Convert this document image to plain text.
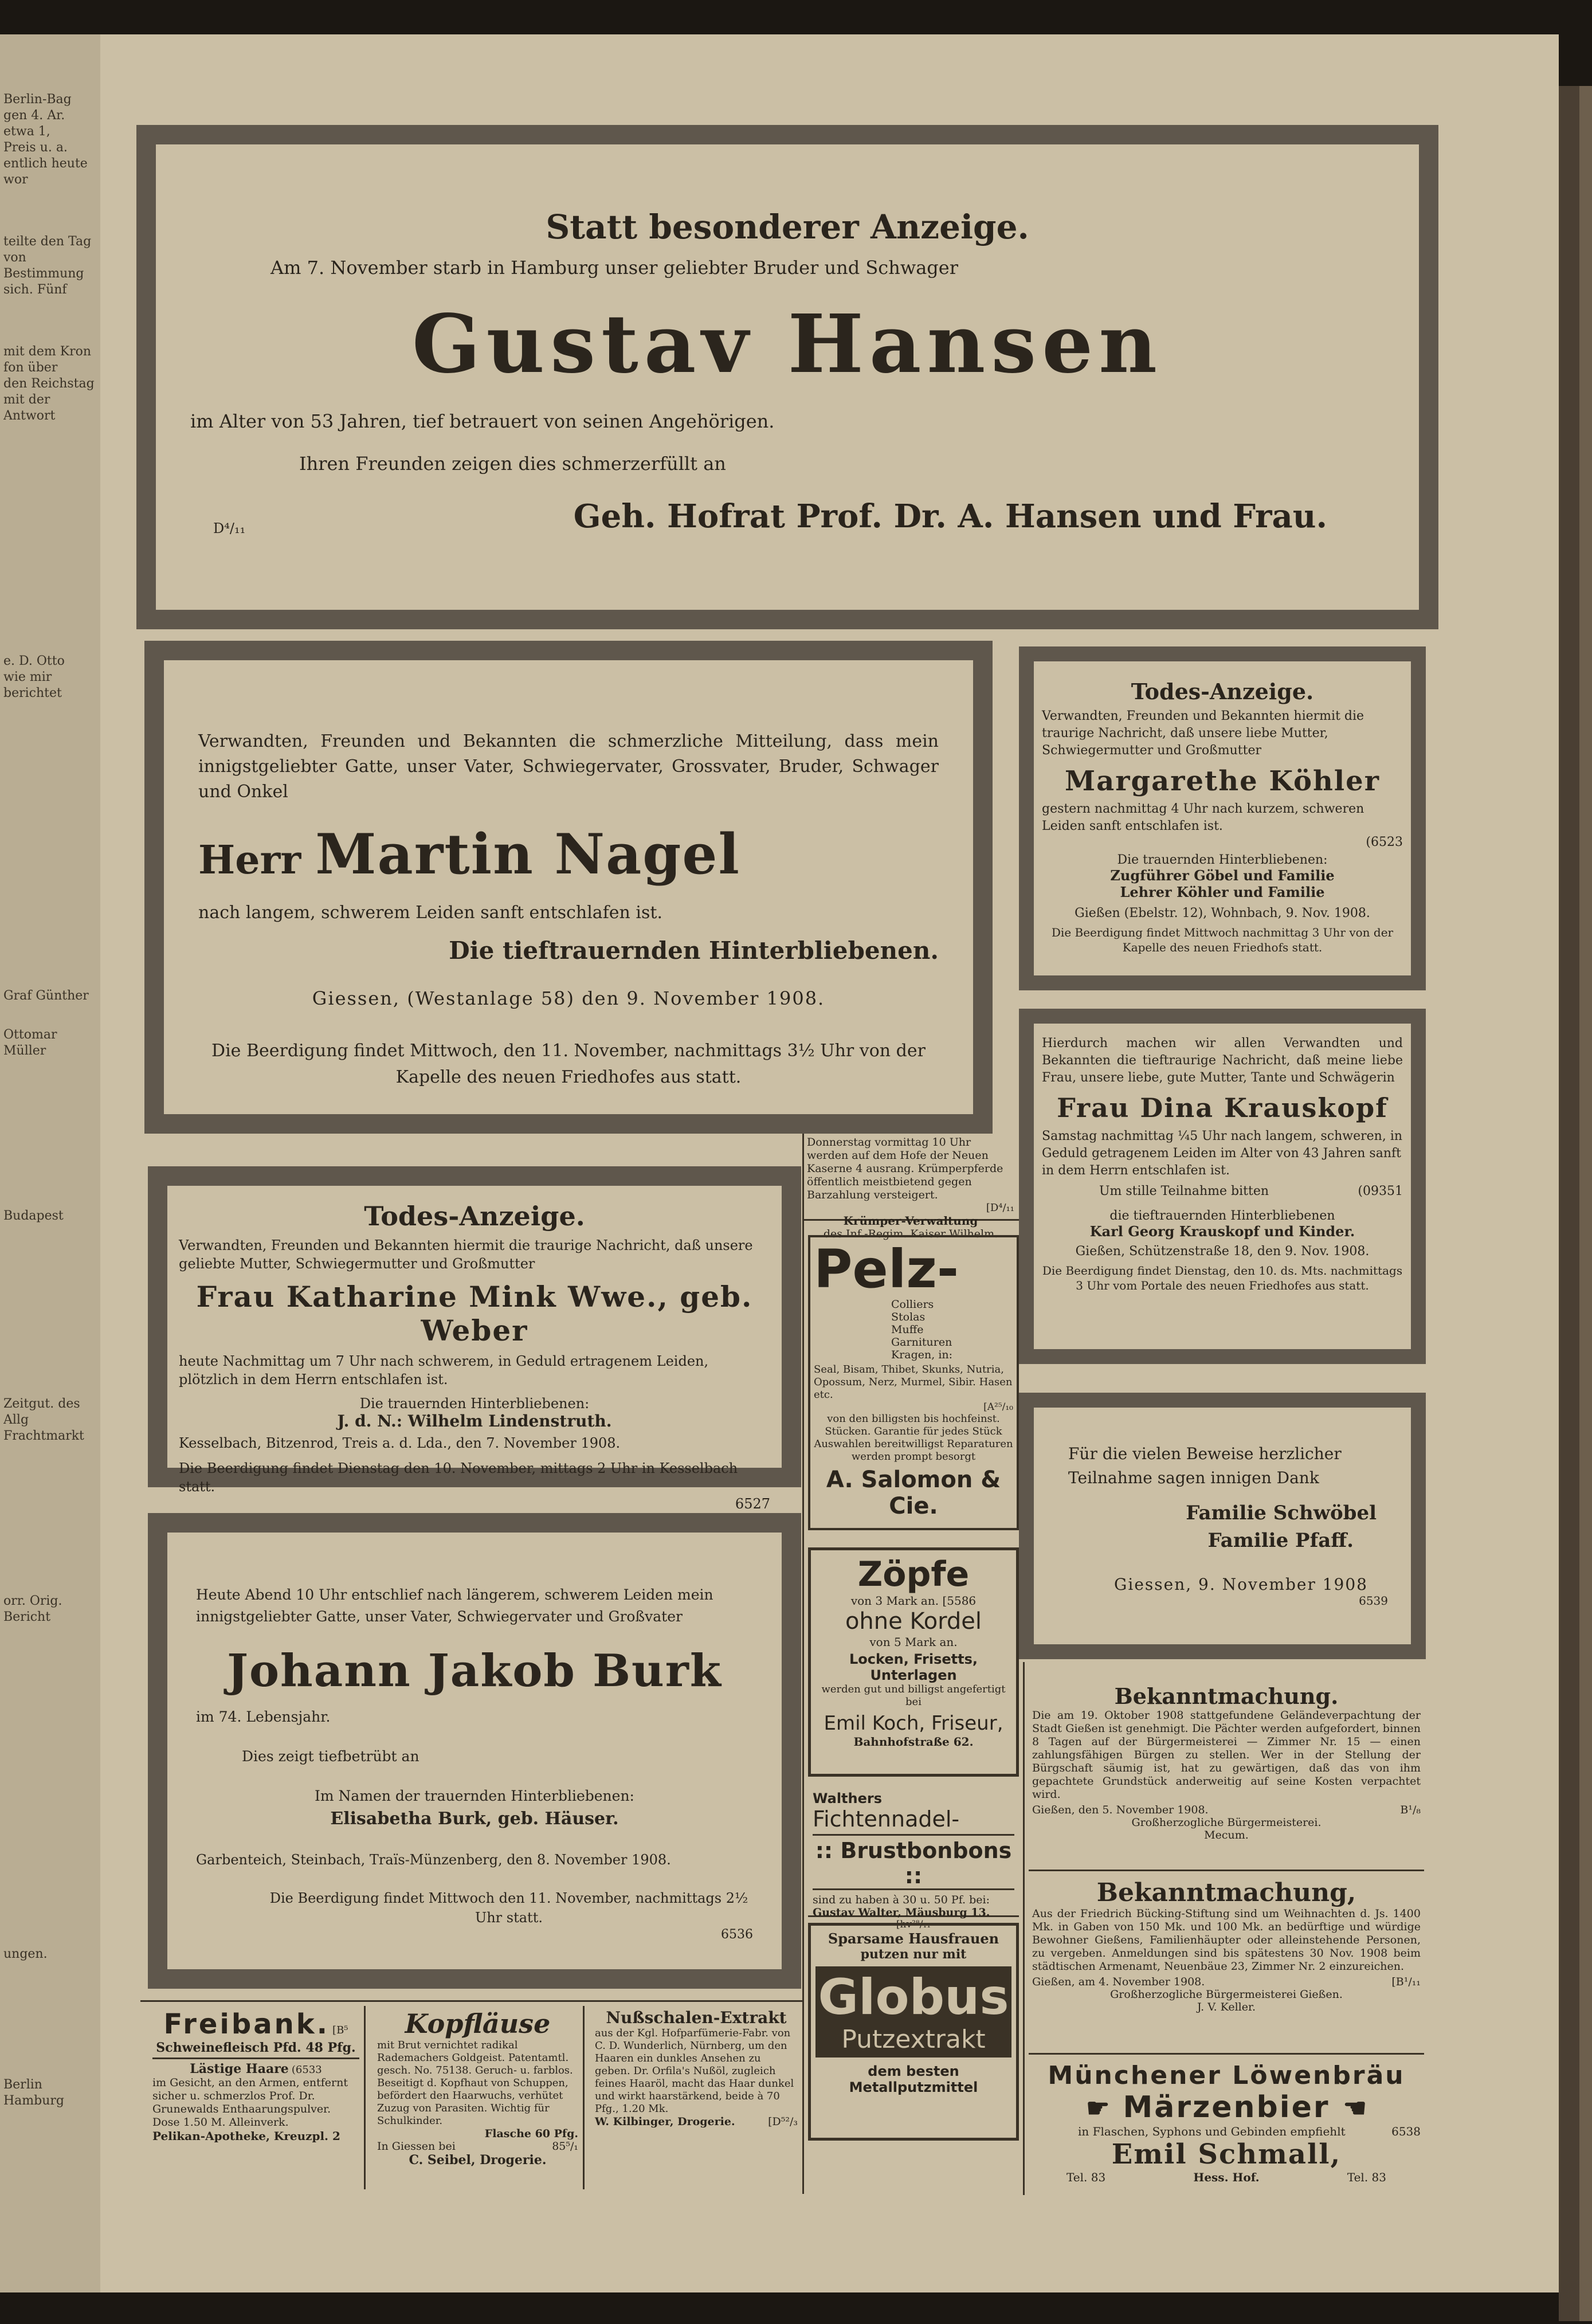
Berlin-Bag

gen 4. Ar.

etwa 1,

Preis u. a.

entlich heute wor

teilte den Tag

von Bestimmung

sich. Fünf

mit dem Kron

fon über

den Reichstag

mit der Antwort

e. D. Otto

wie mir berichtet

Graf Günther

Ottomar Müller

Budapest

Zeitgut. des Allg

Frachtmarkt

orr. Orig. Bericht

ungen.

Berlin

Hamburg

Statt besonderer Anzeige.

Am 7. November starb in Hamburg unser geliebter Bruder und Schwager

Gustav Hansen

im Alter von 53 Jahren, tief betrauert von seinen Angehörigen.

Ihren Freunden zeigen dies schmerzerfüllt an

D⁴/₁₁	Geh. Hofrat Prof. Dr. A. Hansen und Frau.

Verwandten, Freunden und Bekannten die schmerzliche Mitteilung, dass mein innigstgeliebter Gatte, unser Vater, Schwiegervater, Grossvater, Bruder, Schwager und Onkel

Herr Martin Nagel

nach langem, schwerem Leiden sanft entschlafen ist.

Die tieftrauernden Hinterbliebenen.

Giessen, (Westanlage 58) den 9. November 1908.

Die Beerdigung findet Mittwoch, den 11. November, nachmittags 3½ Uhr von der Kapelle des neuen Friedhofes aus statt.

Todes-Anzeige.

Verwandten, Freunden und Bekannten hiermit die traurige Nachricht, daß unsere liebe Mutter, Schwiegermutter und Großmutter

Margarethe Köhler

gestern nachmittag 4 Uhr nach kurzem, schweren Leiden sanft entschlafen ist.

(6523

Die trauernden Hinterbliebenen:

Zugführer Göbel und Familie

Lehrer Köhler und Familie

Gießen (Ebelstr. 12), Wohnbach, 9. Nov. 1908.

Die Beerdigung findet Mittwoch nachmittag 3 Uhr von der Kapelle des neuen Friedhofs statt.

Hierdurch machen wir allen Verwandten und Bekannten die tieftraurige Nachricht, daß meine liebe Frau, unsere liebe, gute Mutter, Tante und Schwägerin

Frau Dina Krauskopf

Samstag nachmittag ¼5 Uhr nach langem, schweren, in Geduld getragenem Leiden im Alter von 43 Jahren sanft in dem Herrn entschlafen ist.

Um stille Teilnahme bitten	(09351

die tieftrauernden Hinterbliebenen

Karl Georg Krauskopf und Kinder.

Gießen, Schützenstraße 18, den 9. Nov. 1908.

Die Beerdigung findet Dienstag, den 10. ds. Mts. nachmittags 3 Uhr vom Portale des neuen Friedhofes aus statt.

Todes-Anzeige.

Verwandten, Freunden und Bekannten hiermit die traurige Nachricht, daß unsere geliebte Mutter, Schwiegermutter und Großmutter

Frau Katharine Mink Wwe., geb. Weber

heute Nachmittag um 7 Uhr nach schwerem, in Geduld ertragenem Leiden, plötzlich in dem Herrn entschlafen ist.

Die trauernden Hinterbliebenen:

J. d. N.: Wilhelm Lindenstruth.

Kesselbach, Bitzenrod, Treis a. d. Lda., den 7. November 1908.

Die Beerdigung findet Dienstag den 10. November, mittags 2 Uhr in Kesselbach statt.

6527

Donnerstag vormittag 10 Uhr werden auf dem Hofe der Neuen Kaserne 4 ausrang. Krümperpferde öffentlich meistbietend gegen Barzahlung versteigert.

[D⁴/₁₁

Krümper-Verwaltung

des Inf.-Regim. Kaiser Wilhelm.

Pelz-

Colliers

Stolas

Muffe

Garnituren

Kragen, in:

Seal, Bisam, Thibet, Skunks, Nutria, Opossum, Nerz, Murmel, Sibir. Hasen etc.

[A²⁵/₁₀

von den billigsten bis hochfeinst. Stücken. Garantie für jedes Stück Auswahlen bereitwilligst Reparaturen werden prompt besorgt

A. Salomon & Cie.

Für die vielen Beweise herzlicher Teilnahme sagen innigen Dank

Familie Schwöbel

Familie Pfaff.

Giessen, 9. November 1908

6539

Heute Abend 10 Uhr entschlief nach längerem, schwerem Leiden mein innigstgeliebter Gatte, unser Vater, Schwiegervater und Großvater

Johann Jakob Burk

im 74. Lebensjahr.

Dies zeigt tiefbetrübt an

Im Namen der trauernden Hinterbliebenen:

Elisabetha Burk, geb. Häuser.

Garbenteich, Steinbach, Traïs-Münzenberg, den 8. November 1908.

Die Beerdigung findet Mittwoch den 11. November, nachmittags 2½ Uhr statt.

6536

Zöpfe

von 3 Mark an. [5586

ohne Kordel

von 5 Mark an.

Locken, Frisetts, Unterlagen

werden gut und billigst angefertigt bei

Emil Koch, Friseur,

Bahnhofstraße 62.

Walthers Fichtennadel-

:: Brustbonbons ::

sind zu haben à 30 u. 50 Pf. bei:

Gustav Walter, Mäusburg 13.

[hv²⁸/₁₁

Sparsame Hausfrauen

putzen nur mit

Globus

Putzextrakt

dem besten Metallputzmittel

Bekanntmachung.

Die am 19. Oktober 1908 stattgefundene Geländeverpachtung der Stadt Gießen ist genehmigt. Die Pächter werden aufgefordert, binnen 8 Tagen auf der Bürgermeisterei — Zimmer Nr. 15 — einen zahlungsfähigen Bürgen zu stellen. Wer in der Stellung der Bürgschaft säumig ist, hat zu gewärtigen, daß das von ihm gepachtete Grundstück anderweitig auf seine Kosten verpachtet wird.

Gießen, den 5. November 1908.	B¹/₈

Großherzogliche Bürgermeisterei.

Mecum.

Bekanntmachung,

Aus der Friedrich Bücking-Stiftung sind um Weihnachten d. Js. 1400 Mk. in Gaben von 150 Mk. und 100 Mk. an bedürftige und würdige Bewohner Gießens, Familienhäupter oder alleinstehende Personen, zu vergeben. Anmeldungen sind bis spätestens 30 Nov. 1908 beim städtischen Armenamt, Neuenbäue 23, Zimmer Nr. 2 einzureichen.

Gießen, am 4. November 1908.	[B¹/₁₁

Großherzogliche Bürgermeisterei Gießen.

J. V. Keller.

Freibank. [B⁵

Schweinefleisch Pfd. 48 Pfg.

Lästige Haare (6533

im Gesicht, an den Armen, entfernt sicher u. schmerzlos Prof. Dr. Grunewalds Enthaarungspulver. Dose 1.50 M. Alleinverk.

Pelikan-Apotheke, Kreuzpl. 2

Kopfläuse

mit Brut vernichtet radikal Rademachers Goldgeist. Patentamtl. gesch. No. 75138. Geruch- u. farblos. Beseitigt d. Kopfhaut von Schuppen, befördert den Haarwuchs, verhütet Zuzug von Parasiten. Wichtig für Schulkinder.

Flasche 60 Pfg.

In Giessen bei	85⁵/₁

C. Seibel, Drogerie.

Nußschalen-Extrakt

aus der Kgl. Hofparfümerie-Fabr. von C. D. Wunderlich, Nürnberg, um den Haaren ein dunkles Ansehen zu geben. Dr. Orfila's Nußöl, zugleich feines Haaröl, macht das Haar dunkel und wirkt haarstärkend, beide à 70 Pfg., 1.20 Mk.

W. Kilbinger, Drogerie.	[D⁵²/₃

Münchener Löwenbräu

☛ Märzenbier ☚

in Flaschen, Syphons und Gebinden empfiehlt	6538

Emil Schmall,

Tel. 83	Hess. Hof.	Tel. 83
